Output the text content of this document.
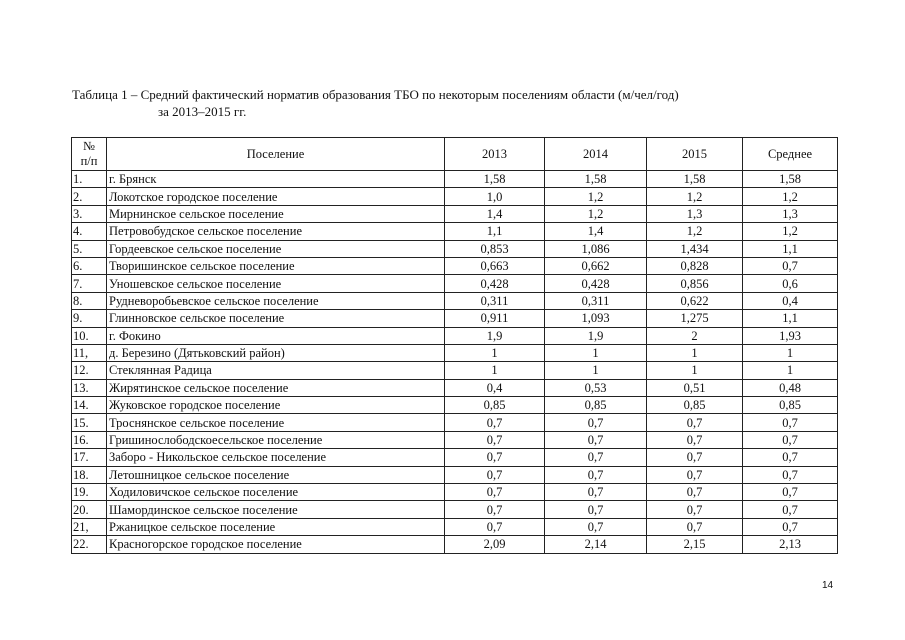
Таблица 1 – Средний фактический норматив образования ТБО по некоторым поселениям области (м/чел/год)
за 2013–2015 гг.
№
п/п	Поселение	2013	2014	2015	Среднее
1.	г. Брянск	1,58	1,58	1,58	1,58
2.	Локотское городское поселение	1,0	1,2	1,2	1,2
3.	Мирнинское сельское поселение	1,4	1,2	1,3	1,3
4.	Петровобудское сельское поселение	1,1	1,4	1,2	1,2
5.	Гордеевское сельское поселение	0,853	1,086	1,434	1,1
6.	Творишинское сельское поселение	0,663	0,662	0,828	0,7
7.	Уношевское сельское поселение	0,428	0,428	0,856	0,6
8.	Рудневоробьевское сельское поселение	0,311	0,311	0,622	0,4
9.	Глинновское сельское поселение	0,911	1,093	1,275	1,1
10.	г. Фокино	1,9	1,9	2	1,93
11,	д. Березино (Дятьковский район)	1	1	1	1
12.	Стеклянная Радица	1	1	1	1
13.	Жирятинское сельское поселение	0,4	0,53	0,51	0,48
14.	Жуковское городское поселение	0,85	0,85	0,85	0,85
15.	Троснянское сельское поселение	0,7	0,7	0,7	0,7
16.	Гришинослободскоесельское поселение	0,7	0,7	0,7	0,7
17.	Заборо - Никольское сельское поселение	0,7	0,7	0,7	0,7
18.	Летошницкое сельское поселение	0,7	0,7	0,7	0,7
19.	Ходиловичское сельское поселение	0,7	0,7	0,7	0,7
20.	Шамординское сельское поселение	0,7	0,7	0,7	0,7
21,	Ржаницкое сельское поселение	0,7	0,7	0,7	0,7
22.	Красногорское городское поселение	2,09	2,14	2,15	2,13
14
